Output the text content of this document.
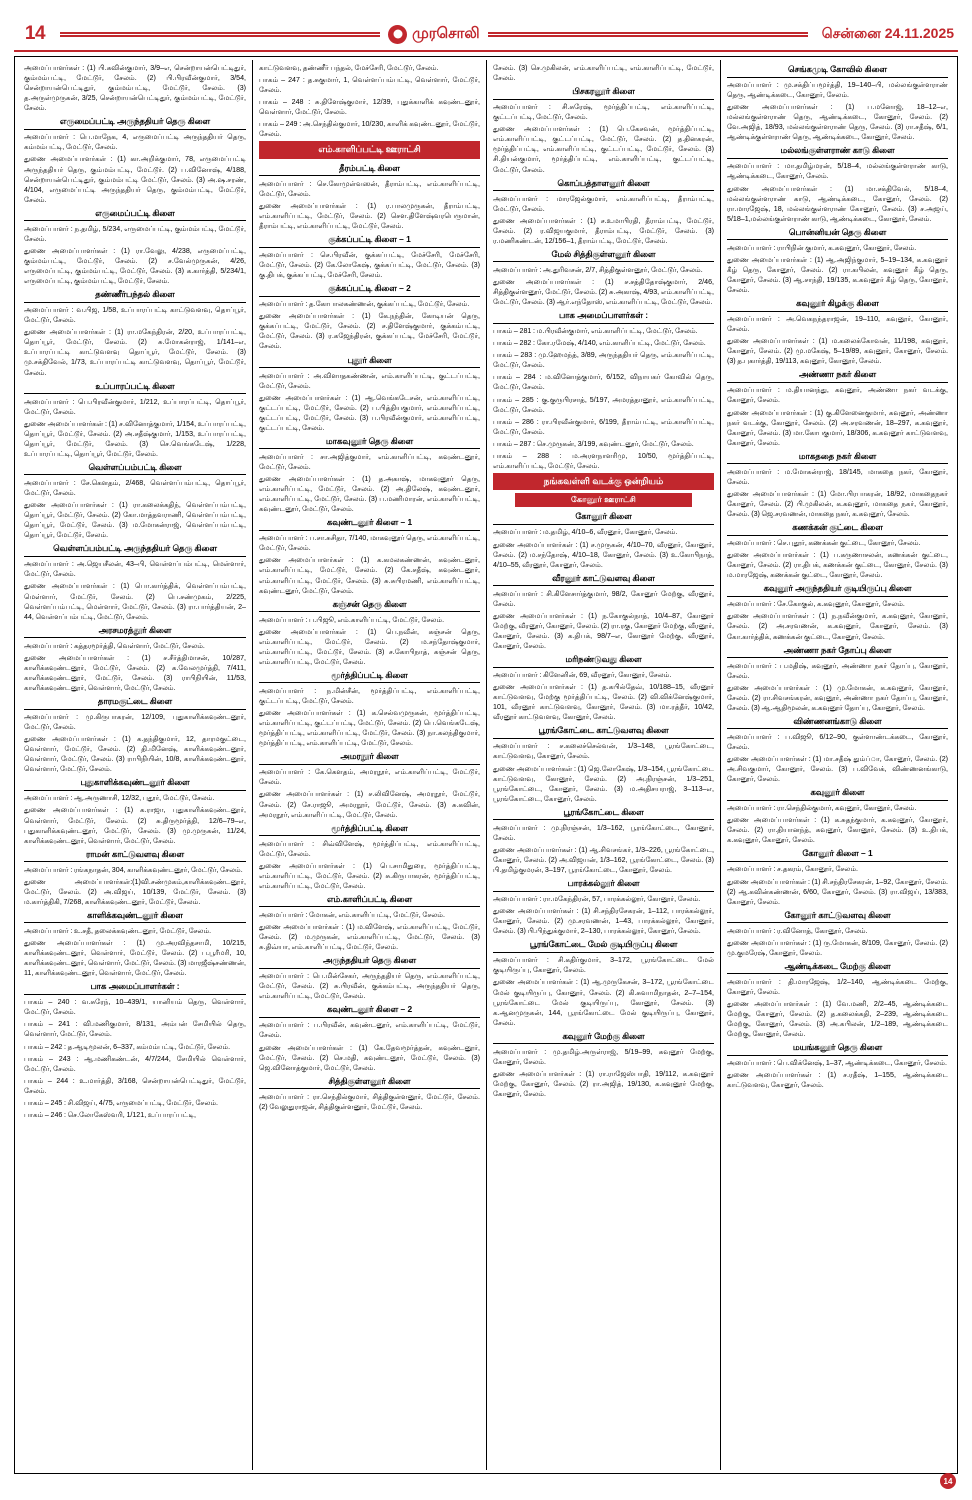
14	முரசொலி	சென்னை 24.11.2025
அமைப்பாளர்கள் : (1) பி.கவின்குமார், 3/9–எ, சென்றாயன்பெட்டிதுர், கும்மம்பட்டி, மேட்டூர், சேலம். (2) பி.பிரவீன்குமார், 3/54, சென்றாயன்பெட்டிதுர், கும்மம்பட்டி, மேட்டூர், சேலம். (3) த.அருள்முருகன், 3/25, சென்றாயன்பெட்டிதுர், கும்மம்பட்டி, மேட்டூர், சேலம்.
எருமைப்பட்டி அருந்ததியர் தெரு கிளை
அமைப்பாளர் : பெ.மாநேக, 4, எருமைப்பட்டி அருந்ததியர் தெரு, கம்மம்பட்டி, மேட்டூர், சேலம்.
துணை அமைப்பாளர்கள் : (1) கா.அறிக்குமார், 78, எருமைப்பட்டி அருந்ததியர் தெரு, கும்மம்பட்டி, மேட்டூர். (2) ப.வினோஷ், 4/188, சென்றாயன்பெட்டிதுர், கும்மம்பட்டி மேட்டூர், சேலம். (3) அ.ஷ.சரண், 4/104, எருமைப்பட்டி அருந்ததியர் தெரு, கும்மம்பட்டி, மேட்டூர், சேலம்.
எருமைப்பட்டி கிளை
அமைப்பாளர் : ந.தமிழ், 5/234, எருமைப்பட்டி, கும்மம்பட்டி, மேட்டூர், சேலம்.
துணை அமைப்பாளர்கள் : (1) ரா.வேலு, 4/238, எருமைப்பட்டி, கும்மம்பட்டி, மேட்டூர், சேலம். (2) ச.வேல்முருகன், 4/26, எருமைப்பட்டி, கும்மம்பட்டி, மேட்டூர், சேலம். (3) க.கார்த்தி, 5/234/1, எருமைப்பட்டி, கும்மம்பட்டி, மேட்டூர், சேலம்.
தண்ணீர்பந்தல் கிளை
அமைப்பாளர் : வ.பிஜ, 1/58, உப்பாரப்பட்டி காட்டுவளவு, தொப்பூர், மேட்டூர், சேலம்.
துணை அமைப்பாளர்கள் : (1) ரா.மகேந்திரன், 2/20, உப்பாரப்பட்டி, தொப்பூர், மேட்டூர், சேலம். (2) சு.மோகன்ராஜ், 1/141–எ, உப்பாரப்பட்டி காட்டுவளவு தொப்பூர், மேட்டூர், சேலம். (3) மு.சக்திவேல், 1/73, உப்பாரப்பட்டி காட்டுவளவு, தொப்பூர், மேட்டூர், சேலம்.
உப்பாரப்பட்டி கிளை
அமைப்பாளர் : பெ.பிரவீன்குமார், 1/212, உப்பாரப்பட்டி, தொப்பூர், மேட்டூர், சேலம்.
துணை அமைப்பாளர்கள் : (1) ச.வினோத்குமார், 1/154, உப்பாரப்பட்டி, தொப்பூர், மேட்டூர், சேலம். (2) அ.சதீஷ்குமார், 1/153, உப்பாரப்பட்டி, தொப்பூர், மேட்டூர், சேலம். (3) செ.வெங்கடேஷ், 1/228, உப்பாரப்பட்டி, தொப்பூர், மேட்டூர், சேலம்.
வெள்ளப்பம்பட்டி கிளை
அமைப்பாளர் : சே.கௌதம், 2/468, வெள்ளப்பம்பட்டி, தொப்பூர், மேட்டூர், சேலம்.
துணை அமைப்பாளர்கள் : (1) ரா.கலைக்கதிந், வெள்ளப்பம்பட்டி, தொப்பூர், மேட்டூர், சேலம். (2) கோ.மாத்தவராணி, வெள்ளப்பம்பட்டி, தொப்பூர், மேட்டூர், சேலம். (3) ம.மோகன்ராஜ், வெள்ளப்பம்பட்டி, தொப்பூர், மேட்டூர், சேலம்.
வெள்ளப்பம்பட்டி அருந்ததியர் தெரு கிளை
அமைப்பாளர் : அ.ஜெயசீலன், 43–பி, வெள்ளப்பம்பட்டி, மெள்ளார், மேட்டூர், சேலம்.
துணை அமைப்பாளர்கள் : (1) பொ.கார்த்திக், வெள்ளப்பம்பட்டி, மெள்ளார், மேட்டூர், சேலம். (2) பெ.சண்முகம், 2/225, வெள்ளப்பம்பட்டி, மெள்ளார், மேட்டூர், சேலம். (3) ரா.பார்த்தியன், 2–44, வெள்ளப்பம்பட்டி, மேட்டூர், சேலம்.
அரசமரத்தூர் கிளை
அமைப்பாளர் : கத்தரமூர்த்தி, வெள்ளார், மேட்டூர், சேலம்.
துணை அமைப்பாளர்கள் : (1) ச.சீர்த்திமாசன், 10/287, காளிக்கவுண்டனூர், மேட்டூர், சேலம். (2) க.வேலமுர்த்தி, 7/411, காளிக்கவுண்டனூர், மேட்டூர், சேலம். (3) ராபிநியின், 11/53, காளிக்கவுண்டனூர், வெள்ளார், மேட்டூர், சேலம்.
தாரமகுட்டை கிளை
அமைப்பாளர் : மு.கிருபாகரன், 12/109, புதுகாளிக்கவுண்டனூர், மேட்டூர், சேலம்.
துணை அமைப்பாளர்கள் : (1) க.தந்திகுமார், 12, தாரமகுட்டை, வெள்ளார், மேட்டூர், சேலம். (2) தி.மினேஷ், காளிக்கவுண்டனூர், வெள்ளார், மேட்டூர், சேலம். (3) ராபிநியின், 10/8, காளிக்கவுண்டனூர், வெள்ளார், மேட்டூர், சேலம்.
புதுகாளிக்கவுண்டனூர் கிளை
அமைப்பாளர் : ஆ.அருணாசி, 12/32, புதூர், மேட்டூர், சேலம்.
துணை அமைப்பாளர்கள் : (1) க.ராஜா, புதுகாளிக்கவுண்டனூர், வெள்ளார், மேட்டூர், சேலம். (2) சு.திருமூர்த்தி, 12/6–79–எ, புதுகாளிக்கவுண்டனூர், மேட்டூர், சேலம். (3) மு.முருகன், 11/24, காளிக்கவுண்டனூர், வெள்ளார், மேட்டூர், சேலம்.
ராமன் காட்டுவளவு கிளை
அமைப்பாளர் : ரங்கநாதன், 304, காளிக்கவுண்டனூர், மேட்டூர், சேலம்.
துணை அமைப்பாளர்கள்:(1)வி.சண்முகம்,காளிக்கவுண்டனூர், மேட்டூர், சேலம். (2) அ.விஜய், 10/139, மேட்டூர், சேலம். (3) ம.கார்த்திகி, 7/268, காளிக்கவுண்டனூர், மேட்டூர், சேலம்.
காளிக்கவுண்டனூர் கிளை
அமைப்பாளர் : உ.சதீ, தலைக்கவுண்டனூர், மேட்டூர், சேலம்.
துணை அமைப்பாளர்கள் : (1) மு.அரவிந்தசாமி, 10/215, காளிக்கவுண்டனூர், வெள்ளார், மேட்டூர், சேலம். (2) ப.பூரீமரி, 10, காளிக்கவுண்டனூர், வெள்ளார், மேட்டூர், சேலம். (3) மாரஜீஷ்சண்ணன், 11, காளிக்கவுண்டனூர், வெள்ளார், மேட்டூர், சேலம்.
பாக அமைப்பாளர்கள் :
பாகம் – 240 : வ.சுரேந், 10–439/1, யானியம் தெரு, வெள்ளார், மேட்டூர், சேலம்.
பாகம் – 241 : வி.மணிகுமார், 8/131, அம்பன் சேமியில் தெரு, வெள்ளார், மேட்டூர், சேலம்.
பாகம் – 242 : த.ஆடிமூலன், 6–337, கம்மம்பட்டி, மேட்டூர், சேலம்.
பாகம் – 243 : ஆ.மணிகண்டன், 4/7/244, சேமியில் வெள்ளார், மேட்டூர், சேலம்.
பாகம் – 244 : உ.மார்த்தி, 3/168, சென்றாயன்பெட்டிதுர், மேட்டூர், சேலம்.
பாகம் – 245 : சி.விஜய், 4/75, எருமைப்பட்டி, மேட்டூர், சேலம்.
பாகம் – 246 : செ.லோகேஸ்வரி, 1/121, உப்பாரப்பட்டி,
காட்டுவளவு, தண்ணீர் பந்தல், மேச்சேரி, மேட்டூர், சேலம்.
பாகம் – 247 : த.சுகுமார், 1, வெள்ளப்பம்பட்டி, வெள்ளார், மேட்டூர், சேலம்.
பாகம் – 248 : சு.திளேஷ்குமார், 12/39, புதுக்காளிக் கவுண்டனூர், வெள்ளார், மேட்டூர், சேலம்.
பாகம் – 249 : அ.செந்தில்குமார், 10/230, காளிக் கவுண்டனூர், மேட்டூர், சேலம்.
எம்.காளிப்பட்டி ஊராட்சி
தீரம்பட்டி கிளை
அமைப்பாளர் : செ.கோமுள்வஸன், தீராம்பட்டி, எம்.காளிப்பட்டி, மேட்டூர், சேலம்.
துணை அமைப்பாளர்கள் : (1) ர.பாலமுருகன், தீராம்பட்டி, எம்.காளிப்பட்டி, மேட்டூர், சேலம். (2) சௌ.திளேஷ்வரபெருமான், தீராம்பட்டி, எம்.காளிப்பட்டி, மேட்டூர், சேலம்.
குக்கப்பட்டி கிளை – 1
அமைப்பாளர் : செ.பிரவீன், குக்கப்பட்டி, மேச்சேரி, மேச்சேரி, மேட்டூர், சேலம். (2) கே.லோகேஷ், குக்கப்பட்டி, மேட்டூர், சேலம். (3) கு.திபக், குக்கப்பட்டி, மேச்சேரி, சேலம்.
குக்கப்பட்டி கிளை – 2
அமைப்பாளர் : த.கோபாலகண்ணன், குக்கப்பட்டி, மேட்டூர், சேலம்.
துணை அமைப்பாளர்கள் : (1) கே.நந்தின், கோடியன் தெரு, குக்கப்பட்டி, மேட்டூர், சேலம். (2) ச.திளேஷ்குமார், குக்கம்பட்டி, மேட்டூர், சேலம். (3) ர.கஜேந்திரன், குக்கப்பட்டி, மேச்சேரி, மேட்டூர், சேலம்.
புதூர் கிளை
அமைப்பாளர் : அ.விளாதகண்ணன், எம்.காளிப்பட்டி, குட்டப்பட்டி, மேட்டூர், சேலம்.
துணை அமைப்பாளர்கள் : (1) ஆ.வெங்கடேசன், எம்.காளிப்பட்டி, குட்டப்பட்டி, மேட்டூர், சேலம். (2) ப.பித்தியகுமார், எம்.காளிப்பட்டி, குட்டப்பட்டி, மேட்டூர், சேலம். (3) ப.பிரவீன்குமார், எம்.காளிப்பட்டி, குட்டப்பட்டி, சேலம்.
மாகவுனூர் தெரு கிளை
அமைப்பாளர் : சா.அஜித்குமார், எம்.காளிப்பட்டி, கவுண்டனூர், மேட்டூர், சேலம்.
துணை அமைப்பாளர்கள் : (1) த.அகாஷ், மாகவுனூர் தெரு, எம்.காளிப்பட்டி, மேட்டூர், சேலம். (2) அ.திலேஷ், கவுண்டனூர், எம்.காளிப்பட்டி, மேட்டூர், சேலம். (3) ப.மணிமாரன், எம்.காளிப்பட்டி, கவுண்டனூர், மேட்டூர், சேலம்.
கவுண்டனூர் கிளை – 1
அமைப்பாளர் : ப.சா.சுசிதா, 7/140, மாகவுனூர் தெரு, எம்.காளிப்பட்டி, மேட்டூர், சேலம்.
துணை அமைப்பாளர்கள் : (1) க.கமலகண்ணன், கவுண்டனூர், எம்.காளிப்பட்டி, மேட்டூர், சேலம். (2) கே.சதீஷ், கவுண்டனூர், எம்.காளிப்பட்டி, மேட்டூர், சேலம். (3) சு.சுபிரமணி, எம்.காளிப்பட்டி, கவுண்டனூர், மேட்டூர், சேலம்.
கஞ்சன் தெரு கிளை
அமைப்பாளர் : ப.பிஜூ, எம்.காளிப்பட்டி, மேட்டூர், சேலம்.
துணை அமைப்பாளர்கள் : (1) பெ.நவீன், கஞ்சன் தெரு, எம்.காளிப்பட்டி, மேட்டூர், சேலம். (2) ம.சந்தோஷ்குமார், எம்.காளிப்பட்டி, மேட்டூர், சேலம். (3) ச.கோபிநாத், கஞ்சன் தெரு, எம்.காளிப்பட்டி, மேட்டூர், சேலம்.
மூர்த்திப்பட்டி கிளை
அமைப்பாளர் : ந.மின்சீன், மூர்த்திப்பட்டி, எம்.காளிப்பட்டி, குட்டப்பட்டி, மேட்டூர், சேலம்.
துணை அமைப்பாளர்கள் : (1) க.செல்வமுருகன், மூர்த்திப்பட்டி, எம்.காளிப்பட்டி, குட்டப்பட்டி, மேட்டூர், சேலம். (2) பெ.வெங்கடேஷ், மூர்த்திப்பட்டி, எம்.காளிப்பட்டி, மேட்டூர், சேலம். (3) நா.கலந்திகுமார், மூர்த்திப்பட்டி, எம்.காளிப்பட்டி, மேட்டூர், சேலம்.
அமரநூர் கிளை
அமைப்பாளர் : கே.கௌதம், அமரநூர், எம்.காளிப்பட்டி, மேட்டூர், சேலம்.
துணை அமைப்பாளர்கள் : (1) ச.லிவினேஷ், அமரநூர், மேட்டூர், சேலம். (2) சே.ராஜூ, அமரநூர், மேட்டூர், சேலம். (3) சு.கவின், அமரநூர், எம்.காளிப்பட்டி, மேட்டூர், சேலம்.
மூர்த்திப்பட்டி கிளை
அமைப்பாளர் : சிவ்விளேஷ், மூர்த்திப்பட்டி, எம்.காளிப்பட்டி, மேட்டூர், சேலம்.
துணை அமைப்பாளர்கள் : (1) பெ.சாமிதுரை, மூர்த்திப்பட்டி, எம்.காளிப்பட்டி, மேட்டூர், சேலம். (2) சு.கிருபாகரன், மூர்த்திப்பட்டி, எம்.காளிப்பட்டி, மேட்டூர், சேலம்.
எம்.காளிப்பட்டி கிளை
அமைப்பாளர் : மோகன், எம்.காளிப்பட்டி, மேட்டூர், சேலம்.
துணை அமைப்பாளர்கள் : (1) ம.விளேஷ், எம்.காளிப்பட்டி, மேட்டூர், சேலம். (2) ம.முருகன், எம்.காளிப்பட்டி, மேட்டூர், சேலம். (3) சு.திவ்யா, எம்.காளிப்பட்டி, மேட்டூர், சேலம்.
அருந்ததியர் தெரு கிளை
அமைப்பாளர் : பெ.மின்சேகர், அருந்ததியர் தெரு, எம்.காளிப்பட்டி, மேட்டூர், சேலம். (2) சு.பிரவீன், குக்கம்பட்டி, அருந்ததியர் தெரு, எம்.காளிப்பட்டி, மேட்டூர், சேலம்.
கவுண்டனூர் கிளை – 2
அமைப்பாளர் : ப.பிரவீன், கவுண்டனூர், எம்.காளிப்பட்டி, மேட்டூர், சேலம்.
துணை அமைப்பாளர்கள் : (1) கே.தேவமூர்த்தன், கவுண்டனூர், மேட்டூர், சேலம். (2) செ.மதி, கவுண்டனூர், மேட்டூர், சேலம். (3) ஜெ.வினோத்குமார், மேட்டூர், சேலம்.
சித்திகுள்ளனூர் கிளை
அமைப்பாளர் : ரா.செந்தில்குமார், சித்திகுள்ளனூர், மேட்டூர், சேலம். (2) வேலுதுராஜன், சித்திகுள்ளனூர், மேட்டூர், சேலம்.
சேலம். (3) செ.முகிலன், எம்.காளிப்பட்டி, எம்.காளிப்பட்டி, மேட்டூர், சேலம்.
பிசகரனூர் கிளை
அமைப்பாளர் : சி.சுரேஷ், மூர்த்திப்பட்டி, எம்.காளிப்பட்டி, குட்டப்பட்டி, மேட்டூர், சேலம்.
துணை அமைப்பாளர்கள் : (1) பெ.கேசவன், மூர்த்திப்பட்டி, எம்.காளிப்பட்டி, குட்டப்பட்டி, மேட்டூர், சேலம். (2) த.தினகரன், மூர்த்திப்பட்டி, எம்.காளிப்பட்டி, குட்டப்பட்டி, மேட்டூர், சேலம். (3) சி.தியன்குமார், மூர்த்திப்பட்டி, எம்.காளிப்பட்டி, குட்டப்பட்டி, மேட்டூர், சேலம்.
கொப்பத்தாளனூர் கிளை
அமைப்பாளர் : மாரஜேல்குமார், எம்.காளிப்பட்டி, தீராம்பட்டி, மேட்டூர், சேலம்.
துணை அமைப்பாளர்கள் : (1) ச.உமாபிரதி, தீராம்பட்டி, மேட்டூர், சேலம். (2) ர.விஜயகுமார், தீராம்பட்டி, மேட்டூர், சேலம். (3) ர.மணிகண்டன், 12/156–1, தீராம்பட்டி, மேட்டூர், சேலம்.
மேல் சித்திகுள்ளனூர் கிளை
அமைப்பாளர் : அ.துரிவசன், 2/7, சித்திகுள்ளனூர், மேட்டூர், சேலம்.
துணை அமைப்பாளர்கள் : (1) ச.சத்திதோஷ்குமார், 2/46, சித்திகுள்ளனூர், மேட்டூர், சேலம். (2) சு.அகாஷ், 4/93, எம்.காளிப்பட்டி, மேட்டூர், சேலம். (3) ஆர்.எந்தோஸ், எம்.காளிப்பட்டி, மேட்டூர், சேலம்.
பாக அமைப்பாளர்கள் :
பாகம் – 281 : ம.பிரவீன்குமார், எம்.காளிப்பட்டி, மேட்டூர், சேலம்.
பாகம் – 282 : கோ.ரமேஷ், 4/140, எம்.காளிப்பட்டி, மேட்டூர், சேலம்.
பாகம் – 283 : மு.ஹேமந்த், 3/89, அருந்ததியர் தெரு, எம்.காளிப்பட்டி, மேட்டூர், சேலம்.
பாகம் – 284 : ம.வினோத்குமார், 6/152, விநாயகர் கோவில் தெரு, மேட்டூர், சேலம்.
பாகம் – 285 : கு.குருபிரசாத், 5/197, அமரத்தானூர், எம்.காளிப்பட்டி, மேட்டூர், சேலம்.
பாகம் – 286 : ரா.பிரவீன்குமார், 6/199, தீராம்பட்டி, எம்.காளிப்பட்டி, மேட்டூர், சேலம்.
பாகம் – 287 : செ.முருகன், 3/199, கவுண்டனூர், மேட்டூர், சேலம்.
பாகம் – 288 : ம.அரளநாளரிமு, 10/50, மூர்த்திப்பட்டி, எம்.காளிப்பட்டி, மேட்டூர், சேலம்.
நங்கவள்ளி வடக்கு ஒன்றியம்
கோனூர் ஊராட்சி
கோனூர் கிளை
அமைப்பாளர் : ம.தமிழ், 4/10–6, வீரனூர், கோனூர், சேலம்.
துணை அமைப்பாளர்கள் : (1) ச.முருகன், 4/10–70, வீரனூர், கோனூர், சேலம். (2) ம.சந்தோஷ், 4/10–18, கோனூர், சேலம். (3) உ.கோபிநாத், 4/10–55, வீரனூர், கோனூர், சேலம்.
வீரனூர் காட்டுவளவு கிளை
அமைப்பாளர் : சி.கிளேசார்த்குமார், 98/2, கோனூர் மேற்கு, வீரனூர், சேலம்.
துணை அமைப்பாளர்கள் : (1) ந.கோகுல்நாத், 10/4–87, கோனூர் மேற்கு, வீரனூர், கோனூர், சேலம். (2) ரா.ரகு, கோனூர் மேற்கு, வீரனூர், கோனூர், சேலம். (3) க.திபக், 98/7–எ, கோனூர் மேற்கு, வீரனூர், கோனூர், சேலம்.
மரிநண்டுவது கிளை
அமைப்பாளர் : கிளேனின், 69, வீரனூர், கோனூர், சேலம்.
துணை அமைப்பாளர்கள் : (1) த.கபில்தேவ், 10/188–15, வீரனூர் காட்டுவளவு, மேற்கு மூர்த்திப்பட்டி, சேலம். (2) வி.விக்னேஷ்குமார், 101, வீரனூர் காட்டுவளவு, கோனூர், சேலம். (3) மா.ரத்தீர், 10/42, வீரனூர் காட்டுவளவு, கோனூர், சேலம்.
பூரங்கோட்டை காட்டுவளவு கிளை
அமைப்பாளர் : ச.கலைச்செல்வன், 1/3–148, பூரங்கோட்டை, காட்டுவளவு, கோனூர், சேலம்.
துணை அமைப்பாளர்கள் : (1) ஜெ.லோகேஷ், 1/3–154, பூரங்கோட்டை காட்டுவளவு, கோனூர், சேலம். (2) அ.நிரஞ்சன், 1/3–251, பூரங்கோட்டை, கோனூர், சேலம். (3) ம.அதிசயராஜ், 3–113–எ, பூரங்கோட்டை, கோனூர், சேலம்.
பூரங்கோட்டை கிளை
அமைப்பாளர் : மு.நிரஞ்சன், 1/3–162, பூரங்கோட்டை, கோனூர், சேலம்.
துணை அமைப்பாளர்கள் : (1) ஆ.சிவசங்கர், 1/3–226, பூரங்கோட்டை, கோனூர், சேலம். (2) அ.விஜயன், 1/3–162, பூரங்கோட்டை, சேலம். (3) பி.தமிழ்குமரன், 3–197, பூரங்கோட்டை, கோனூர், சேலம்.
பாரக்கல்லூர் கிளை
அமைப்பாளர் : ரா.மகேந்திரன், 57, பாரக்கல்லூர், கோனூர், சேலம்.
துணை அமைப்பாளர்கள் : (1) சி.சந்திரசேகரன், 1–112, பாரக்கல்லூர், கோனூர், சேலம். (2) மு.சரவணன், 1–43, பாரக்கல்லூர், கோனூர், சேலம். (3) பி.பிந்துக்குமார், 2–130, பாரக்கல்லூர், கோனூர், சேலம்.
பூரங்கோட்டை மேல் குடியிருப்பு கிளை
அமைப்பாளர் : சி.கதிர்குமார், 3–172, பூரங்கோட்டை மேல் குடியிருப்பு, கோனூர், சேலம்.
துணை அமைப்பாளர்கள் : (1) ஆ.முருகேசன், 3–172, பூரங்கோட்டை மேல் குடியிருப்பு, கோனூர், சேலம். (2) கி.சுவாமிநாதன், 2–7–154, பூரங்கோட்டை மேல் குடியிருப்பு, கோனூர், சேலம். (3) க.ஆனமுருகன், 144, பூரங்கோட்டை மேல் குடியிருப்பு, கோனூர், சேலம்.
கவுனூர் மேற்கு கிளை
அமைப்பாளர் : மு.தமிழ்.அருள்ராஜ், 5/19–99, கவுனூர் மேற்கு, கோனூர், சேலம்.
துணை அமைப்பாளர்கள் : (1) ரா.ராஜேஸ்பாதி, 19/112, க.கவுனூர் மேற்கு, கோனூர், சேலம். (2) ரா.அஜித், 19/130, க.கவுனூர் மேற்கு, கோனூர், சேலம்.
செங்கமுடி கோவில் கிளை
அமைப்பாளர் : மு.சக்திப்பமூர்த்தி, 19–140–பி, மல்லங்குள்ளராண் தெரு, ஆண்டிக்கடை, கோனூர், சேலம்.
துணை அமைப்பாளர்கள் : (1) ப.மனோஜ், 18–12–எ, மல்லங்குள்ளராண் தெரு, ஆண்டிக்கடை, கோனூர், சேலம். (2) வே.அஜித், 18/93, மல்லங்குள்ளராண் தெரு, சேலம். (3) ரா.சதீஷ், 6/1, ஆண்டிக்குள்ளராண் தெரு, ஆண்டிக்கடை, கோனூர், சேலம்.
மல்லங்குள்ளராண் காடு கிளை
அமைப்பாளர் : மா.தமிழ்மரன், 5/18–4, மல்லங்குள்ளராண் காடு, ஆண்டிக்கடை, கோனூர், சேலம்.
துணை அமைப்பாளர்கள் : (1) மா.சக்திவேல், 5/18–4, மல்லங்குள்ளராண் காடு, ஆண்டிக்கடை, கோனூர், சேலம். (2) ரா.மாரஜேஷ், 18, மல்லங்குள்ளராண் கோனூர், சேலம். (3) ச.அஜய், 5/18–1,மல்லங்குள்ளராண் காடு, ஆண்டிக்கடை, கோனூர், சேலம்.
பொன்னியன் தெரு கிளை
அமைப்பாளர் : ராபிநின் குமார், க.கவுனூர், கோனூர், சேலம்.
துணை அமைப்பாளர்கள் : (1) ஆ.அஜிந்குமார், 5–19–134, க.கவுனூர் கீழ் தெரு, கோனூர், சேலம். (2) ரா.கபிலன், கவுனூர் கீழ் தெரு, கோனூர், சேலம். (3) ஆ.சாந்தி, 19/135, க.கவுனூர் கீழ் தெரு, கோனூர், சேலம்.
கவுனூர் கிழக்கு கிளை
அமைப்பாளர் : அ.வெகநந்தராஜன், 19–110, கவுனூர், கோனூர், சேலம்.
துணை அமைப்பாளர்கள் : (1) ம.கலைக்கோவன், 11/198, கவுனூர், கோனூர், சேலம். (2) மு.மகேஷ், 5–19/89, கவுனூர், கோனூர், சேலம். (3) த.புகார்த்தி, 19/113, கவுனூர், கோனூர், சேலம்.
அண்ணா நகர் கிளை
அமைப்பாளர் : ம.தியானந்து, கவுனூர், அண்ணா நகர் வடக்கு, கோனூர், சேலம்.
துணை அமைப்பாளர்கள் : (1) கு.கிளேனைகுமார், கவுனூர், அண்ணா நகர் வடக்கு, கோனூர், சேலம். (2) அ.சரவணன், 18–297, க.கவுனூர், கோனூர், சேலம். (3) மா.கோபகுமார், 18/306, க.கவுனூர் காட்டுவளவு, கோனூர், சேலம்.
மாகததை நகர் கிளை
அமைப்பாளர் : ம.மோகன்ராஜ், 18/145, மாகதை நகர், கோனூர், சேலம்.
துணை அமைப்பாளர்கள் : (1) மோ.பிரபாகரன், 18/92, மாகதைநகர் கோனூர், சேலம். (2) பி.முகிலன், க.கவுனூர், மாகதை நகர், கோனூர், சேலம். (3) ஜெ.சரவணன், மாகதை நகர், க.கவுனூர், சேலம்.
கணக்கன் குட்டை கிளை
அமைப்பாளர் : செ.புதூர், கணக்கன் குட்டை, கோனூர், சேலம்.
துணை அமைப்பாளர்கள் : (1) ப.கருணாசலன், கணக்கன் குட்டை, கோனூர், சேலம். (2) ரா.திபக், கணக்கன் குட்டை, கோனூர், சேலம். (3) ம.மாரஜேஷ், கணக்கன் குட்டை, கோனூர், சேலம்.
கவுனூர் அருந்ததியர் குடியிருப்பு கிளை
அமைப்பாளர் : சே.கோகுல், க.கவுனூர், கோனூர், சேலம்.
துணை அமைப்பாளர்கள் : (1) ந.நவீன்குமார், க.கவுனூர், கோனூர், சேலம். (2) அ.சரவணன், க.கவுனூர், கோனூர், சேலம். (3) கோ.கார்த்திக், கணக்கன் குட்டை, கோனூர், சேலம்.
அண்ணா நகர் தோப்பு கிளை
அமைப்பாளர் : ப.மதிஷ், கவுனூர், அண்ணா நகர் தோப்பு, கோனூர், சேலம்.
துணை அமைப்பாளர்கள் : (1) மு.மோகன், க.கவுனூர், கோனூர், சேலம். (2) ரா.சிவசங்கரன், கவுனூர், அண்ணா நகர் தோப்பு, கோனூர், சேலம். (3) ஆ.ஆதிமூலன், க.கவுனூர் தோப்பு, கோனூர், சேலம்.
விண்ணனங்காடு கிளை
அமைப்பாளர் : ப.விஜூ, 6/12–90, குள்ளாண்டக்கடை, கோனூர், சேலம்.
துணை அமைப்பாளர்கள் : (1) மா.சதீஷ் தும்ப்ா, கோனூர், சேலம். (2) அ.சிவகுமார், கோனூர், சேலம். (3) ப.விவேக், விண்ணனங்காடு, கோனூர், சேலம்.
கவுனூர் கிளை
அமைப்பாளர் : ரா.செந்தில்குமார், கவுனூர், கோனூர், சேலம்.
துணை அமைப்பாளர்கள் : (1) க.சுதந்குமார், க.கவுனூர், கோனூர், சேலம். (2) ரா.தியானந்த், கவுனூர், கோனூர், சேலம். (3) உ.திபக், க.கவுனூர், கோனூர், சேலம்.
கோனூர் கிளை – 1
அமைப்பாளர் : ச.தகரம், கோனூர், சேலம்.
துணை அமைப்பாளர்கள் : (1) சி.சந்திரசேகரன், 1–92, கோனூர், சேலம். (2) ஆ.கவின்கண்ணன், 6/60, கோனூர், சேலம். (3) ரா.விஜய், 13/383, கோனூர், சேலம்.
கோனூர் காட்டுவளவு கிளை
அமைப்பாளர் : ர.வினோத், கோனூர், சேலம்.
துணை அமைப்பாளர்கள் : (1) ரு.மோகன், 8/109, கோனூர், சேலம். (2) மு.குமரேஷ், கோனூர், சேலம்.
ஆண்டிக்கடை மேற்கு கிளை
அமைப்பாளர் : தி.மாரஜேஷ், 1/2–140, ஆண்டிக்கடை மேற்கு, கோனூர், சேலம்.
துணை அமைப்பாளர்கள் : (1) வே.மணி, 2/2–45, ஆண்டிக்கடை மேற்கு, கோனூர், சேலம். (2) த.கலைக்கதி, 2–239, ஆண்டிக்கடை மேற்கு, கோனூர், சேலம். (3) அ.கபிலன், 1/2–189, ஆண்டிக்கடை மேற்கு, கோனூர், சேலம்.
மயங்கனூர் தெரு கிளை
அமைப்பாளர் : பெ.விக்னேஷ், 1–37, ஆண்டிக்கடை, கோனூர், சேலம்.
துணை அமைப்பாளர்கள் : (1) ச.ரதீஷ், 1–155, ஆண்டிக்கடை காட்டுவளவு, கோனூர், சேலம்.
14
